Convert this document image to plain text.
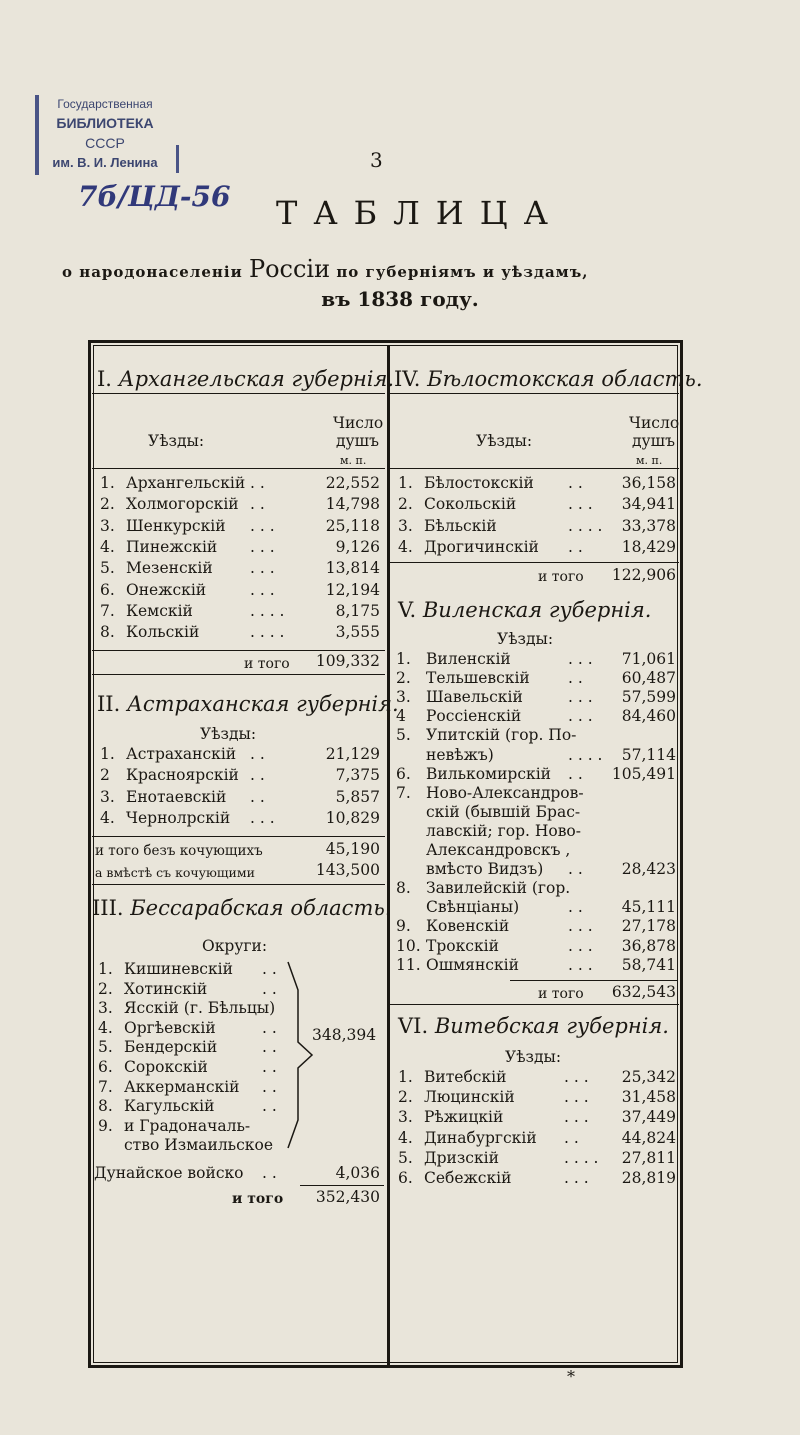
Государственная
БИБЛИОТЕКА
СССР
им. В. И. Ленина	3
7б/ЦД-56 ТАБЛИЦА
о народонаселеніи Россіи по губерніямъ и уѣздамъ,
въ 1838 году.
I. Архангельская губернія.
Число
Уѣзды:	душъ
м. п.
1. Архангельскій . .	22,552
2. Холмогорскій . .	14,798
3. Шенкурскій . . .	25,118
4. Пинежскій . . .	9,126
5. Мезенскій . . .	13,814
6. Онежскій	. . .	12,194
7. Кемскій	. . . .	8,175
8. Кольскій	. . . .	3,555
и того	109,332
II. Астраханская губернія.
Уѣзды:
1. Астраханскій . .	21,129
2 Красноярскій . .	7,375
3. Енотаевскій . .	5,857
4. Чернолрскій . . .	10,829
и того безъ кочующихъ	45,190
а вмѣстѣ съ кочующими	143,500
III. Бессарабская область.
Округи:
1. Кишиневскій . .
2. Хотинскій	. .
3. Ясскій (г. Бѣльцы)
4. Оргѣевскій	. .
5. Бендерскій	. .
6. Сорокскій	. .
7. Аккерманскій . .
8. Кагульскій	. .
9. и Градоначаль-
ство Измаильское
348,394
Дунайское войско . .	4,036
и того	352,430
IV. Бѣлостокская область.
Число
Уѣзды:	душъ
м. п.
1. Бѣлостокскій . .	36,158
2. Сокольскій	. . .	34,941
3. Бѣльскій	. . . .	33,378
4. Дрогичинскій . .	18,429
и того	122,906
V. Виленская губернія.
Уѣзды:
1. Виленскій	. . .	71,061
2. Тельшевскій . .	60,487
3. Шавельскій	. . .	57,599
4 Россіенскій	. . .	84,460
5. Упитскій (гор. По-
невѣжъ)	. . . .	57,114
6. Вилькомирскій . .	105,491
7. Ново-Александров-
скій (бывшій Брас-
лавскій; гор. Ново-
Александровскъ ,
вмѣсто Видзъ) . .	28,423
8. Завилейскій (гор.
Свѣнціаны)	. .	45,111
9. Ковенскій	. . .	27,178
10. Трокскій	. . .	36,878
11. Ошмянскій	. . .	58,741
и того	632,543
VI. Витебская губернія.
Уѣзды:
1. Витебскій	. . .	25,342
2. Люцинскій	. . .	31,458
3. Рѣжицкій	. . .	37,449
4. Динабургскій . .	44,824
5. Дризскій	. . . .	27,811
6. Себежскій	. . .	28,819
*
